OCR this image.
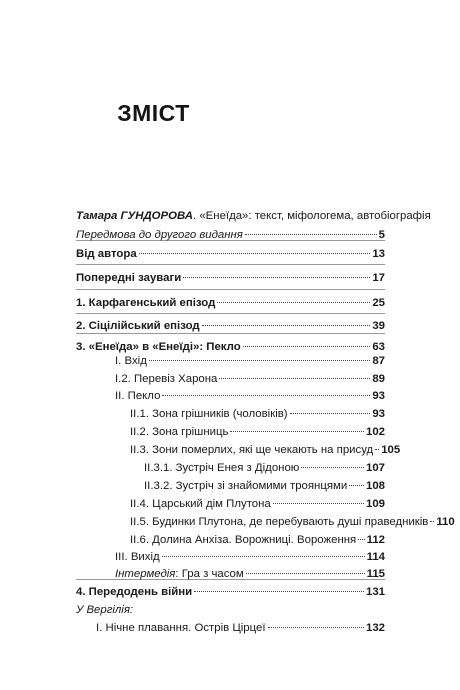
ЗМІСТ
Тамара ГУНДОРОВА. «Енеїда»: текст, міфологема, автобіографія
Передмова до другого видання	5
Від автора	13
Попередні зауваги	17
1. Карфагенський епізод	25
2. Сіцілійський епізод	39
3. «Енеїда» в «Енеїді»: Пекло	63
І. Вхід	87
І.2. Перевіз Харона	89
ІІ. Пекло	93
ІІ.1. Зона грішників (чоловіків)	93
ІІ.2. Зона грішниць	102
ІІ.3. Зони померлих, які ще чекають на присуд 105
ІІ.3.1. Зустріч Енея з Дідоною	107
ІІ.3.2. Зустріч зі знайомими троянцями 108
ІІ.4. Царський дім Плутона	109
ІІ.5. Будинки Плутона, де перебувають душі праведників 110
ІІ.6. Долина Анхіза. Ворожниці. Вороження 112
ІІІ. Вихід	114
Інтермедія: Гра з часом	115
4. Передодень війни	131
У Вергілія:
І. Нічне плавання. Острів Цірцеї	132
